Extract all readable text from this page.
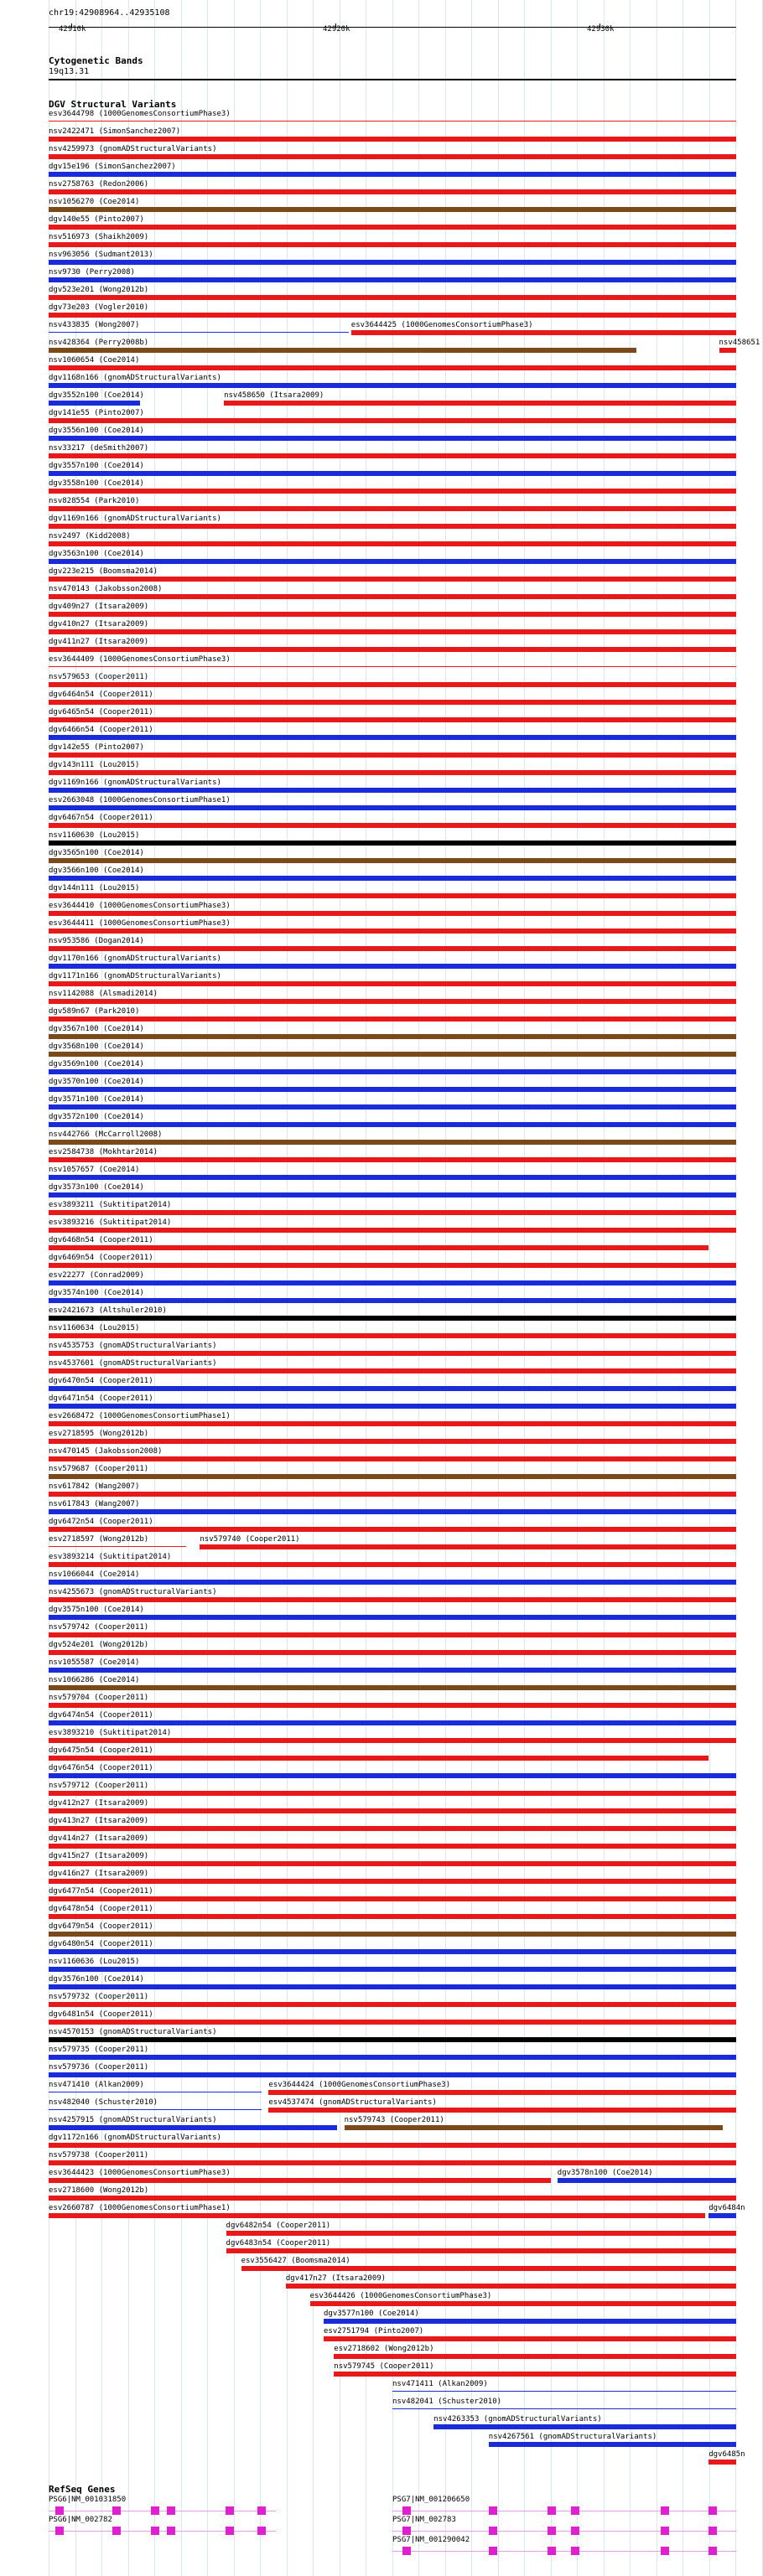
chr19:42908964..42935108
42910k	42920k	42930k
Cytogenetic Bands
19q13.31
DGV Structural Variants
esv3644798 (1000GenomesConsortiumPhase3)
nsv2422471 (SimonSanchez2007)
nsv4259973 (gnomADStructuralVariants)
dgv15e196 (SimonSanchez2007)
nsv2758763 (Redon2006)
nsv1056270 (Coe2014)
dgv140e55 (Pinto2007)
nsv516973 (Shaikh2009)
nsv963056 (Sudmant2013)
nsv9730 (Perry2008)
dgv523e201 (Wong2012b)
dgv73e203 (Vogler2010)
nsv433835 (Wong2007)	esv3644425 (1000GenomesConsortiumPhase3)
nsv428364 (Perry2008b)	nsv458651
nsv1060654 (Coe2014)
dgv1168n166 (gnomADStructuralVariants)
dgv3552n100 (Coe2014)	nsv458650 (Itsara2009)
dgv141e55 (Pinto2007)
dgv3556n100 (Coe2014)
nsv33217 (deSmith2007)
dgv3557n100 (Coe2014)
dgv3558n100 (Coe2014)
nsv828554 (Park2010)
dgv1169n166 (gnomADStructuralVariants)
nsv2497 (Kidd2008)
dgv3563n100 (Coe2014)
dgv223e215 (Boomsma2014)
nsv470143 (Jakobsson2008)
dgv409n27 (Itsara2009)
dgv410n27 (Itsara2009)
dgv411n27 (Itsara2009)
esv3644409 (1000GenomesConsortiumPhase3)
nsv579653 (Cooper2011)
dgv6464n54 (Cooper2011)
dgv6465n54 (Cooper2011)
dgv6466n54 (Cooper2011)
dgv142e55 (Pinto2007)
dgv143n111 (Lou2015)
dgv1169n166 (gnomADStructuralVariants)
esv2663048 (1000GenomesConsortiumPhase1)
dgv6467n54 (Cooper2011)
nsv1160630 (Lou2015)
dgv3565n100 (Coe2014)
dgv3566n100 (Coe2014)
dgv144n111 (Lou2015)
esv3644410 (1000GenomesConsortiumPhase3)
esv3644411 (1000GenomesConsortiumPhase3)
nsv953586 (Dogan2014)
dgv1170n166 (gnomADStructuralVariants)
dgv1171n166 (gnomADStructuralVariants)
nsv1142088 (Alsmadi2014)
dgv589n67 (Park2010)
dgv3567n100 (Coe2014)
dgv3568n100 (Coe2014)
dgv3569n100 (Coe2014)
dgv3570n100 (Coe2014)
dgv3571n100 (Coe2014)
dgv3572n100 (Coe2014)
nsv442766 (McCarroll2008)
esv2584738 (Mokhtar2014)
nsv1057657 (Coe2014)
dgv3573n100 (Coe2014)
esv3893211 (Suktitipat2014)
esv3893216 (Suktitipat2014)
dgv6468n54 (Cooper2011)
dgv6469n54 (Cooper2011)
esv22277 (Conrad2009)
dgv3574n100 (Coe2014)
esv2421673 (Altshuler2010)
nsv1160634 (Lou2015)
nsv4535753 (gnomADStructuralVariants)
nsv4537601 (gnomADStructuralVariants)
dgv6470n54 (Cooper2011)
dgv6471n54 (Cooper2011)
esv2668472 (1000GenomesConsortiumPhase1)
esv2718595 (Wong2012b)
nsv470145 (Jakobsson2008)
nsv579687 (Cooper2011)
nsv617842 (Wang2007)
nsv617843 (Wang2007)
dgv6472n54 (Cooper2011)
esv2718597 (Wong2012b)	nsv579740 (Cooper2011)
esv3893214 (Suktitipat2014)
nsv1066044 (Coe2014)
nsv4255673 (gnomADStructuralVariants)
dgv3575n100 (Coe2014)
nsv579742 (Cooper2011)
dgv524e201 (Wong2012b)
nsv1055587 (Coe2014)
nsv1066286 (Coe2014)
nsv579704 (Cooper2011)
dgv6474n54 (Cooper2011)
esv3893210 (Suktitipat2014)
dgv6475n54 (Cooper2011)
dgv6476n54 (Cooper2011)
nsv579712 (Cooper2011)
dgv412n27 (Itsara2009)
dgv413n27 (Itsara2009)
dgv414n27 (Itsara2009)
dgv415n27 (Itsara2009)
dgv416n27 (Itsara2009)
dgv6477n54 (Cooper2011)
dgv6478n54 (Cooper2011)
dgv6479n54 (Cooper2011)
dgv6480n54 (Cooper2011)
nsv1160636 (Lou2015)
dgv3576n100 (Coe2014)
nsv579732 (Cooper2011)
dgv6481n54 (Cooper2011)
nsv4570153 (gnomADStructuralVariants)
nsv579735 (Cooper2011)
nsv579736 (Cooper2011)
nsv471410 (Alkan2009)	esv3644424 (1000GenomesConsortiumPhase3)
nsv482040 (Schuster2010)	esv4537474 (gnomADStructuralVariants)
nsv4257915 (gnomADStructuralVariants)	nsv579743 (Cooper2011)
dgv1172n166 (gnomADStructuralVariants)
nsv579738 (Cooper2011)
esv3644423 (1000GenomesConsortiumPhase3)	dgv3578n100 (Coe2014)
esv2718600 (Wong2012b)
esv2660787 (1000GenomesConsortiumPhase1)	dgv6484n
dgv6482n54 (Cooper2011)
dgv6483n54 (Cooper2011)
esv3556427 (Boomsma2014)
dgv417n27 (Itsara2009)
esv3644426 (1000GenomesConsortiumPhase3)
dgv3577n100 (Coe2014)
esv2751794 (Pinto2007)
esv2718602 (Wong2012b)
nsv579745 (Cooper2011)
nsv471411 (Alkan2009)
nsv482041 (Schuster2010)
nsv4263353 (gnomADStructuralVariants)
nsv4267561 (gnomADStructuralVariants)
dgv6485n
RefSeq Genes
PSG6|NM_001031850	PSG7|NM_001206650
PSG6|NM_002782	PSG7|NM_002783
PSG7|NM_001290042
